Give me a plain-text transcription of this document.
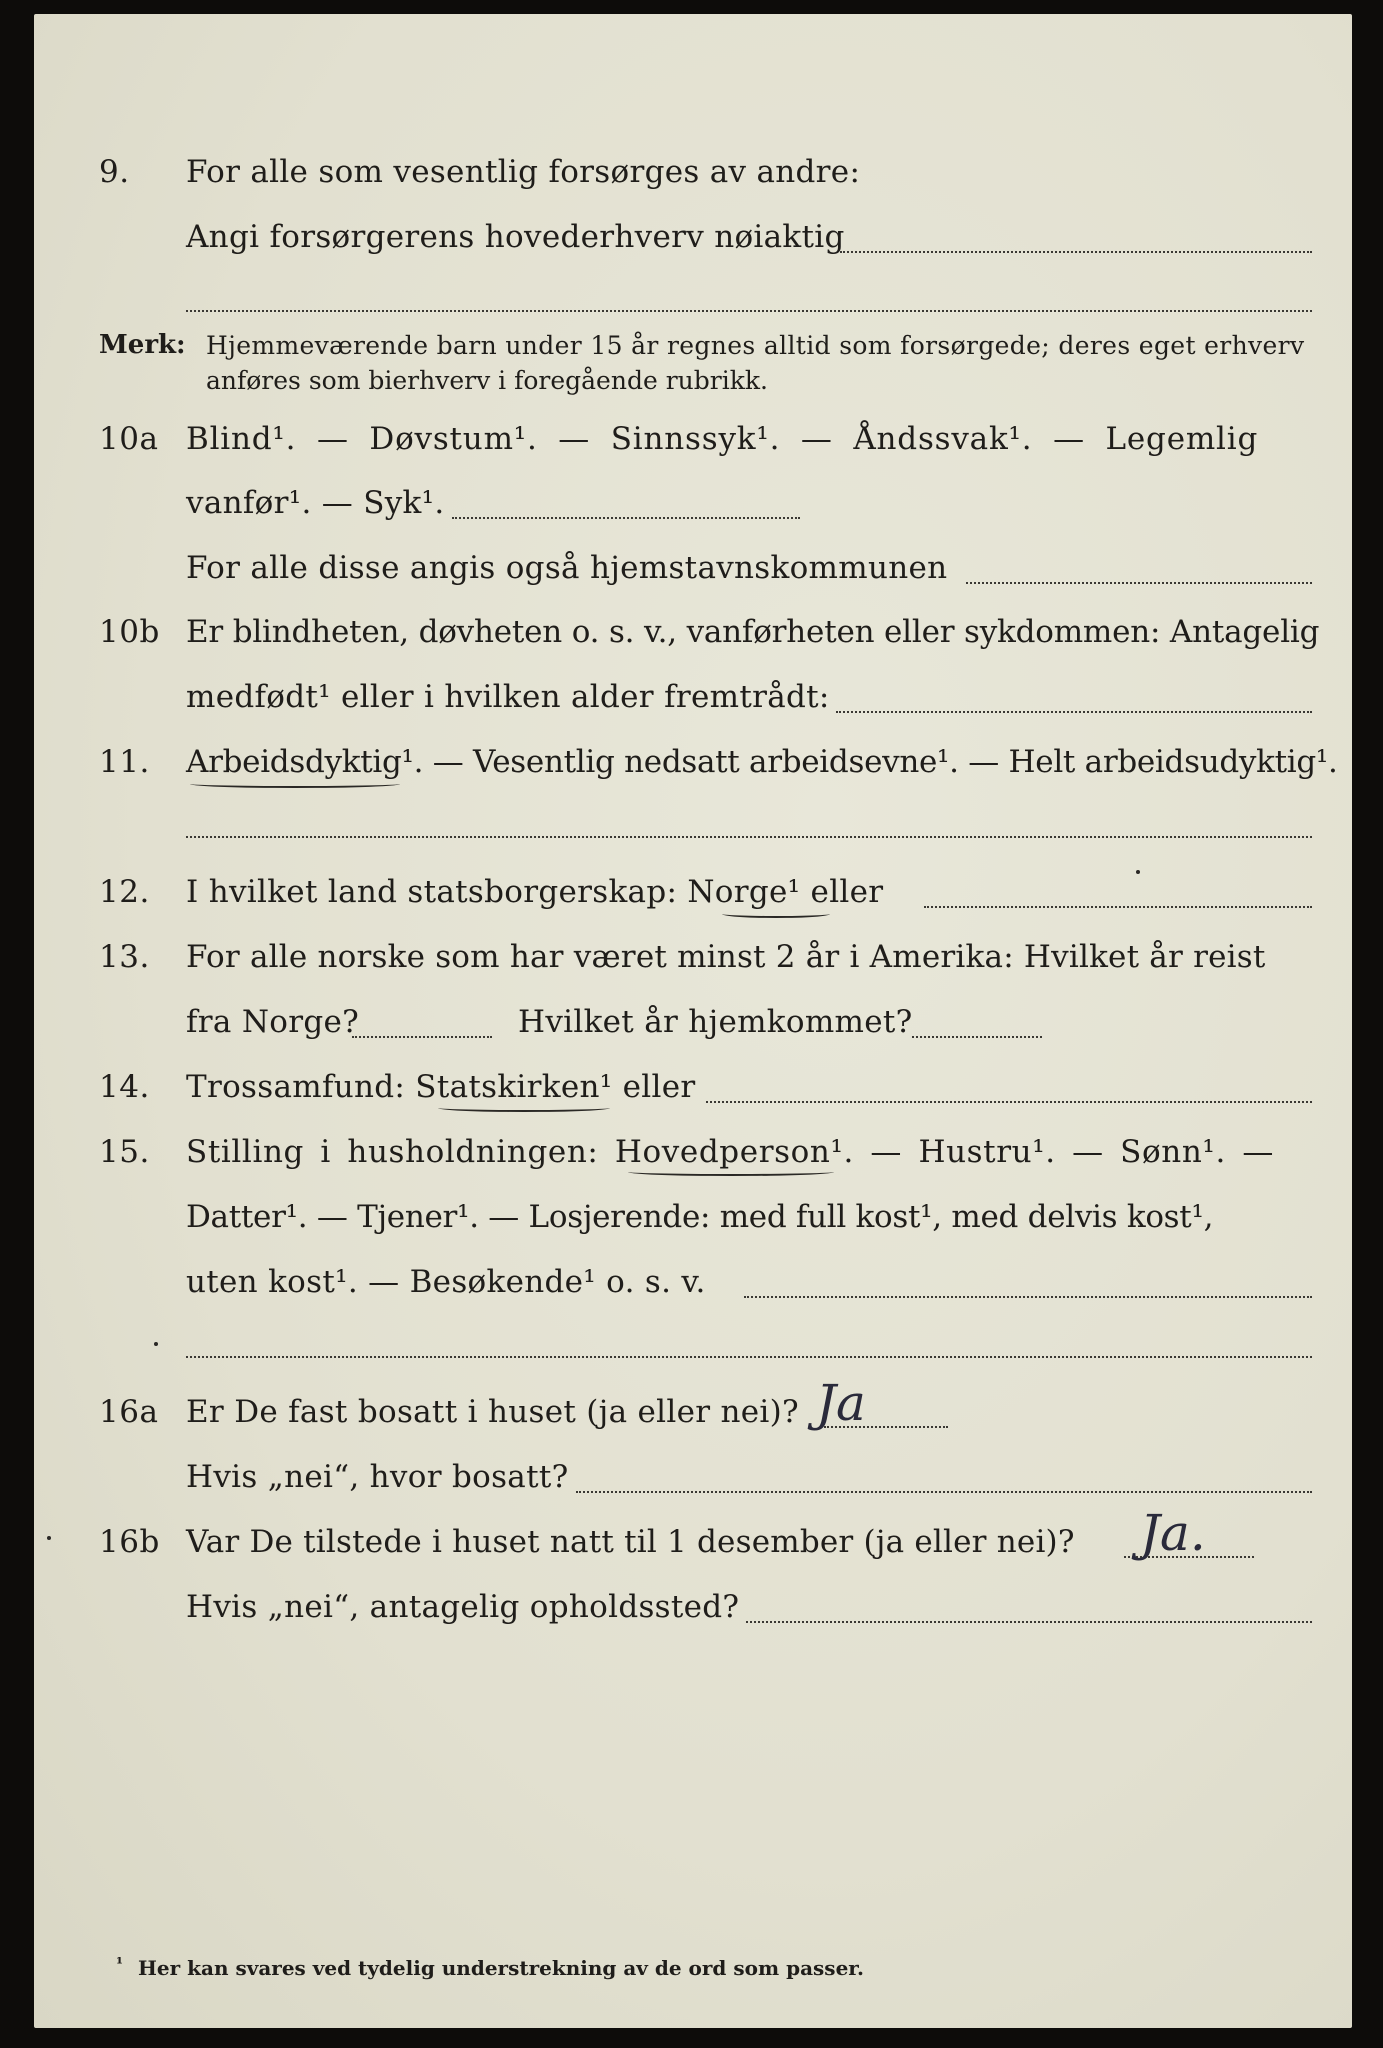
9. For alle som vesentlig forsørges av andre:
Angi forsørgerens hovederhverv nøiaktig
Merk: Hjemmeværende barn under 15 år regnes alltid som forsørgede; deres eget erhverv
anføres som bierhverv i foregående rubrikk.
10a Blind¹. — Døvstum¹. — Sinnssyk¹. — Åndssvak¹. — Legemlig
vanfør¹. — Syk¹.
For alle disse angis også hjemstavnskommunen
10b Er blindheten, døvheten o. s. v., vanførheten eller sykdommen: Antagelig
medfødt¹ eller i hvilken alder fremtrådt:
11. Arbeidsdyktig¹. — Vesentlig nedsatt arbeidsevne¹. — Helt arbeidsudyktig¹.
12. I hvilket land statsborgerskap: Norge¹ eller
13. For alle norske som har været minst 2 år i Amerika: Hvilket år reist
fra Norge?	Hvilket år hjemkommet?
14. Trossamfund: Statskirken¹ eller
15. Stilling i husholdningen: Hovedperson¹. — Hustru¹. — Sønn¹. —
Datter¹. — Tjener¹. — Losjerende: med full kost¹, med delvis kost¹,
uten kost¹. — Besøkende¹ o. s. v.
16a Er De fast bosatt i huset (ja eller nei)? Ja
Hvis „nei“, hvor bosatt?
16b Var De tilstede i huset natt til 1 desember (ja eller nei)? Ja.
Hvis „nei“, antagelig opholdssted?
¹ Her kan svares ved tydelig understrekning av de ord som passer.
